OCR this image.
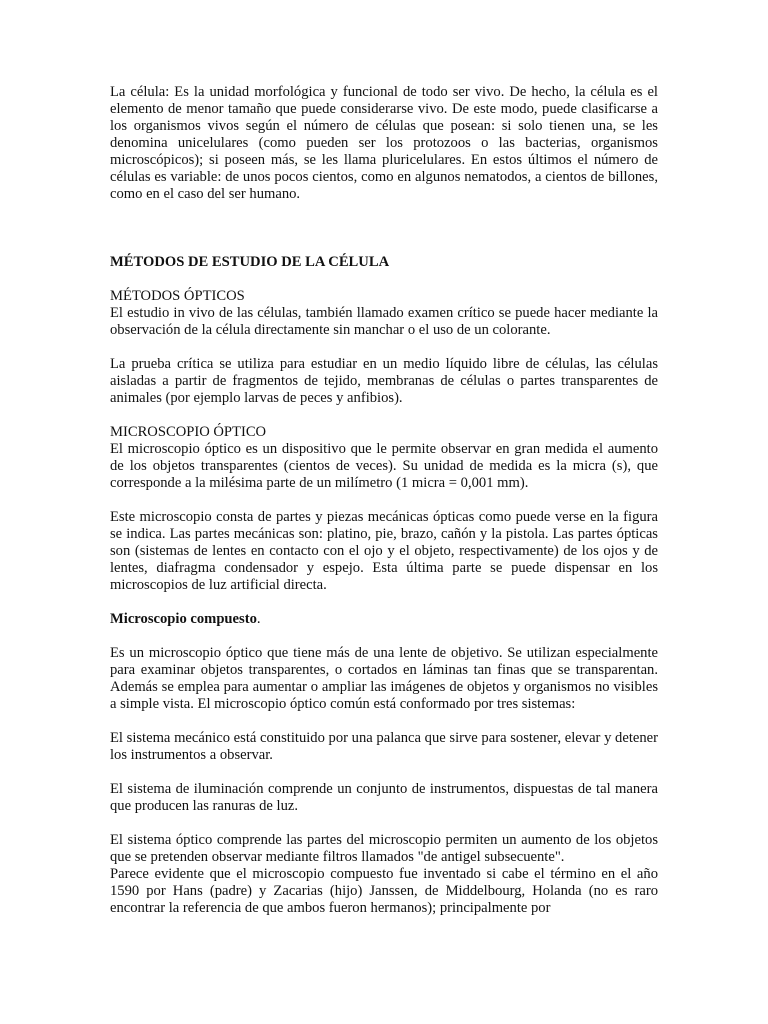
La célula: Es la unidad morfológica y funcional de todo ser vivo. De hecho, la célula es el elemento de menor tamaño que puede considerarse vivo. De este modo, puede clasificarse a los organismos vivos según el número de células que posean: si solo tienen una, se les denomina unicelulares (como pueden ser los protozoos o las bacterias, organismos microscópicos); si poseen más, se les llama pluricelulares. En estos últimos el número de células es variable: de unos pocos cientos, como en algunos nematodos, a cientos de billones, como en el caso del ser humano.

MÉTODOS DE ESTUDIO DE LA CÉLULA

MÉTODOS ÓPTICOS

El estudio in vivo de las células, también llamado examen crítico se puede hacer mediante la observación de la célula directamente sin manchar o el uso de un colorante.

La prueba crítica se utiliza para estudiar en un medio líquido libre de células, las células aisladas a partir de fragmentos de tejido, membranas de células o partes transparentes de animales (por ejemplo larvas de peces y anfibios).

MICROSCOPIO ÓPTICO

El microscopio óptico es un dispositivo que le permite observar en gran medida el aumento de los objetos transparentes (cientos de veces). Su unidad de medida es la micra (s), que corresponde a la milésima parte de un milímetro (1 micra = 0,001 mm).

Este microscopio consta de partes y piezas mecánicas ópticas como puede verse en la figura se indica. Las partes mecánicas son: platino, pie, brazo, cañón y la pistola. Las partes ópticas son (sistemas de lentes en contacto con el ojo y el objeto, respectivamente) de los ojos y de lentes, diafragma condensador y espejo. Esta última parte se puede dispensar en los microscopios de luz artificial directa.

Microscopio compuesto.

Es un microscopio óptico que tiene más de una lente de objetivo. Se utilizan especialmente para examinar objetos transparentes, o cortados en láminas tan finas que se transparentan. Además se emplea para aumentar o ampliar las imágenes de objetos y organismos no visibles a simple vista. El microscopio óptico común está conformado por tres sistemas:

El sistema mecánico está constituido por una palanca que sirve para sostener, elevar y detener los instrumentos a observar.

El sistema de iluminación comprende un conjunto de instrumentos, dispuestas de tal manera que producen las ranuras de luz.

El sistema óptico comprende las partes del microscopio permiten un aumento de los objetos que se pretenden observar mediante filtros llamados "de antigel subsecuente".

Parece evidente que el microscopio compuesto fue inventado si cabe el término en el año 1590 por Hans (padre) y Zacarias (hijo) Janssen, de Middelbourg, Holanda (no es raro encontrar la referencia de que ambos fueron hermanos); principalmente por
